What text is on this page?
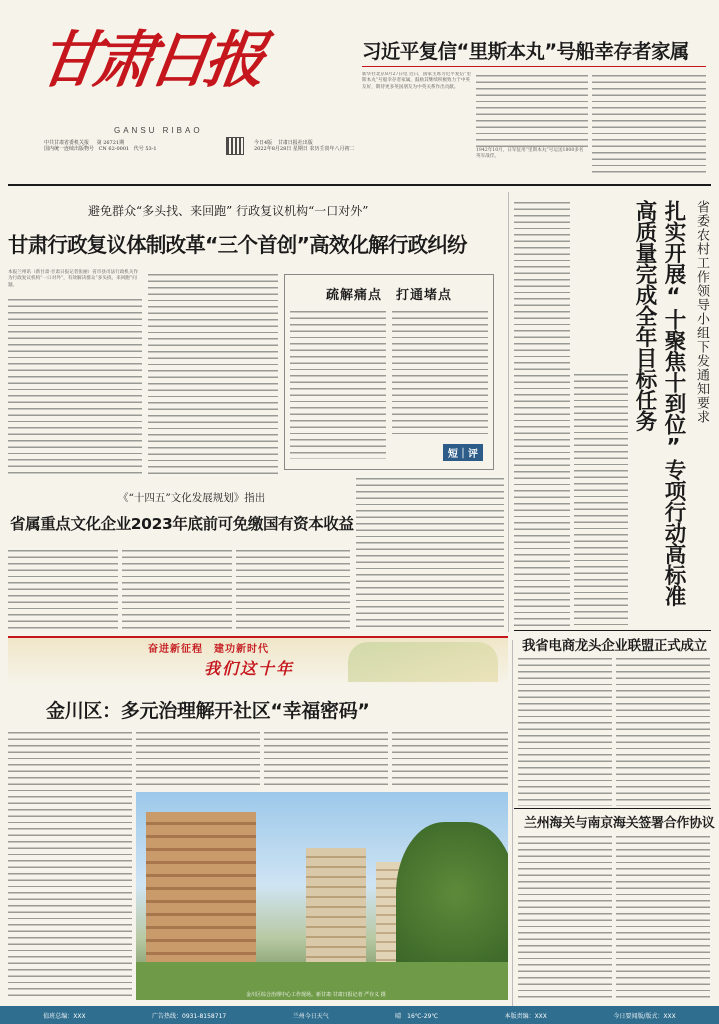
甘肃日报
GANSU RIBAO
中共甘肃省委机关报 第 26721期
国内统一连续出版物号 CN 62-0001 代号 53-1
今日4版 甘肃日报社出版
2022年8月28日 星期日 农历壬寅年八月初二
习近平复信“里斯本丸”号船幸存者家属
新华社北京8月27日电 近日，国家主席习近平复信“里斯本丸”号船幸存者家属，鼓励其继续积极致力于中英友好，期待更多英国朋友为中英关系作出贡献。
1942年10月，日军征用“里斯本丸”号运送1800多名英军战俘。
避免群众“多头找、来回跑” 行政复议机构“一口对外”
甘肃行政复议体制改革“三个首创”高效化解行政纠纷
本报兰州讯（新甘肃·甘肃日报记者张丽）省市县司法行政机关作为行政复议机构“一口对外”，有效解决群众“多头找、来回跑”问题。
疏解痛点　打通堵点
短｜评
《“十四五”文化发展规划》指出
省属重点文化企业2023年底前可免缴国有资本收益
奋进新征程　建功新时代
我们这十年
金川区：多元治理解开社区“幸福密码”
金川区综合治理中心工作现场。新甘肃·甘肃日报记者 严存义 摄
扎实开展“十聚焦十到位”专项行动高标准高质量完成全年目标任务	省委农村工作领导小组下发通知要求
我省电商龙头企业联盟正式成立
兰州海关与南京海关签署合作协议
值班总编：XXX	广告热线：0931-8158717	兰州今日天气	晴　16℃-29℃	本版责编：XXX	今日要闻版/版式：XXX
